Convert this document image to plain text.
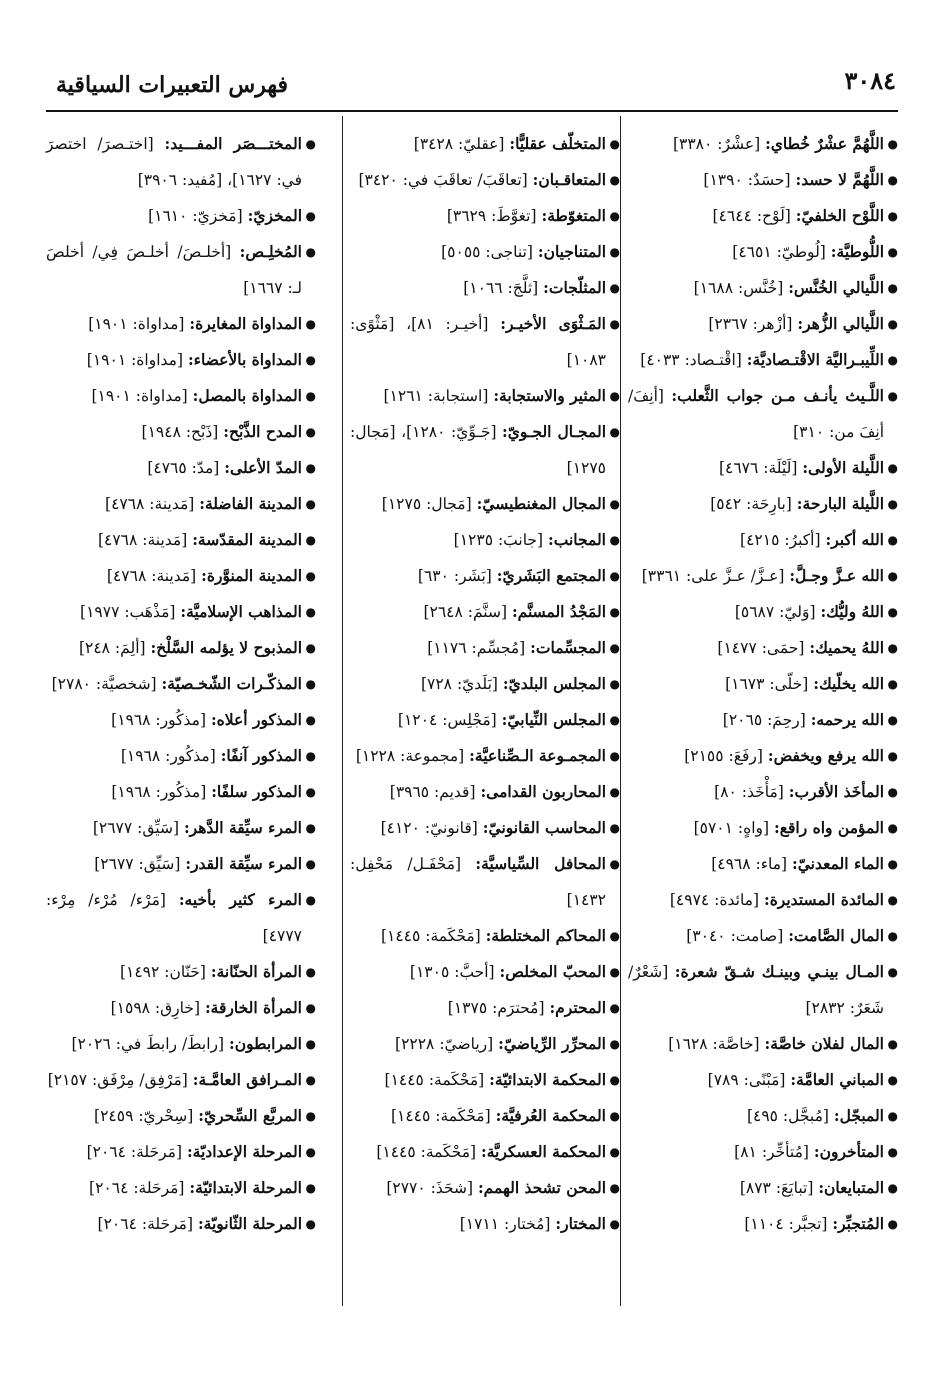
٣٠٨٤
فهرس التعبيرات السياقية
●
اللَّهُمَّ عشْرٌ خُطاي: [عشْرٌ: ٣٣٨٠]
●
اللَّهُمَّ لا حسد: [حسَدٌ: ١٣٩٠]
●
اللَّوْح الخلفيّ: [لَوْح: ٤٦٤٤]
●
اللُّوطيَّة: [لُوطيّ: ٤٦٥١]
●
اللَّيالي الخُنَّس: [خُنَّس: ١٦٨٨]
●
اللَّيالي الزُّهر: [أزْهر: ٢٣٦٧]
●
اللِّيبـراليَّة الاقْتـصاديَّة: [اقْتـصاد: ٤٠٣٣]
●
اللَّـيث يأنـف مـن جواب الثَّعلب: [أنِفَ/ أنِفَ من: ٣١٠]
●
اللَّيلة الأولى: [لَيْلَة: ٤٦٧٦]
●
اللَّيلة البارحة: [بارِحَة: ٥٤٢]
●
الله أكبر: [أكبرُ: ٤٢١٥]
●
الله عـزَّ وجـلَّ: [عـزَّ/ عـزَّ على: ٣٣٦١]
●
اللهُ وليُّك: [وَليّ: ٥٦٨٧]
●
اللهُ يحميك: [حمَى: ١٤٧٧]
●
الله يخلّيك: [خلّى: ١٦٧٣]
●
الله يرحمه: [رحِمَ: ٢٠٦٥]
●
الله يرفع ويخفض: [رفَعَ: ٢١٥٥]
●
المأخَذ الأقرب: [مَأْخَذ: ٨٠]
●
المؤمن واه راقع: [واهٍ: ٥٧٠١]
●
الماء المعدنيّ: [ماء: ٤٩٦٨]
●
المائدة المستديرة: [مائدة: ٤٩٧٤]
●
المال الصَّامت: [صامت: ٣٠٤٠]
●
المـال بينـي وبينـك شـقّ شعرة: [شَعْرٌ/ شَعَرٌ: ٢٨٣٢]
●
المال لفلان خاصَّة: [خاصَّة: ١٦٢٨]
●
المباني العامَّة: [مَبْنًى: ٧٨٩]
●
المبجّل: [مُبجَّل: ٤٩٥]
●
المتأخرون: [مُتأخِّر: ٨١]
●
المتبايعان: [تبايَعَ: ٨٧٣]
●
المُتجبِّر: [تجبَّر: ١١٠٤]
●
المتخلّف عقليًّا: [عقليّ: ٣٤٢٨]
●
المتعاقـبان: [تعاقَبَ/ تعاقَبَ في: ٣٤٢٠]
●
المتغوّطة: [تغوَّطَ: ٣٦٢٩]
●
المتناجيان: [تناجى: ٥٠٥٥]
●
المثلّجات: [ثلَّجَ: ١٠٦٦]
●
المَـثْوَى الأخيـر: [أخيـر: ٨١]، [مَثْوًى: ١٠٨٣]
●
المثير والاستجابة: [استجابة: ١٢٦١]
●
المجـال الجـويّ: [جَـوِّيّ: ١٢٨٠]، [مَجال: ١٢٧٥]
●
المجال المغنطيسيّ: [مَجال: ١٢٧٥]
●
المجانب: [جانبَ: ١٢٣٥]
●
المجتمع البَشَريّ: [بَشَر: ٦٣٠]
●
المَجْدُ المسنَّم: [سنَّمَ: ٢٦٤٨]
●
المجسِّمات: [مُجسِّم: ١١٧٦]
●
المجلس البلديّ: [بَلَديّ: ٧٢٨]
●
المجلس النِّيابيّ: [مَجْلِس: ١٢٠٤]
●
المجمـوعة الـصِّناعيَّة: [مجموعة: ١٢٢٨]
●
المحاربون القدامى: [قديم: ٣٩٦٥]
●
المحاسب القانونيّ: [قانونيّ: ٤١٢٠]
●
المحافل السِّياسيَّة: [مَحْفَـل/ مَحْفِل: ١٤٣٢]
●
المحاكم المختلطة: [مَحْكَمة: ١٤٤٥]
●
المحبّ المخلص: [أحبَّ: ١٣٠٥]
●
المحترم: [مُحترَم: ١٣٧٥]
●
المحرِّر الرِّياضيّ: [رياضيّ: ٢٢٢٨]
●
المحكمة الابتدائيّة: [مَحْكَمة: ١٤٤٥]
●
المحكمة العُرفيَّة: [مَحْكَمة: ١٤٤٥]
●
المحكمة العسكريَّة: [مَحْكَمة: ١٤٤٥]
●
المحن تشحذ الهمم: [شحَذَ: ٢٧٧٠]
●
المختار: [مُختار: ١٧١١]
●
المختـــصَر المفـــيد: [اختـصرَ/ اختصرَ في: ١٦٢٧]، [مُفيد: ٣٩٠٦]
●
المخزيّ: [مَخزيّ: ١٦١٠]
●
المُخلِـص: [أخلـصَ/ أخلـصَ فِي/ أخلصَ لـ: ١٦٦٧]
●
المداواة المغايرة: [مداواة: ١٩٠١]
●
المداواة بالأعضاء: [مداواة: ١٩٠١]
●
المداواة بالمصل: [مداواة: ١٩٠١]
●
المدح الذَّبْح: [ذَبْح: ١٩٤٨]
●
المدّ الأعلى: [مدّ: ٤٧٦٥]
●
المدينة الفاضلة: [مَدينة: ٤٧٦٨]
●
المدينة المقدّسة: [مَدينة: ٤٧٦٨]
●
المدينة المنوَّرة: [مَدينة: ٤٧٦٨]
●
المذاهب الإسلاميَّة: [مَذْهَب: ١٩٧٧]
●
المذبوح لا يؤلمه السَّلْخ: [ألِمَ: ٢٤٨]
●
المذكّـرات الشّخـصيّة: [شخصيَّة: ٢٧٨٠]
●
المذكور أعلاه: [مذكُور: ١٩٦٨]
●
المذكور آنفًا: [مذكُور: ١٩٦٨]
●
المذكور سلفًا: [مذكُور: ١٩٦٨]
●
المرء سيِّقة الدَّهر: [سَيِّق: ٢٦٧٧]
●
المرء سيِّقة القدر: [سَيِّق: ٢٦٧٧]
●
المرء كثير بأخيه: [مَرْء/ مُرْء/ مِرْء: ٤٧٧٧]
●
المرأة الحنّانة: [حَنّان: ١٤٩٢]
●
المرأة الخارقة: [خارِق: ١٥٩٨]
●
المرابطون: [رابطَ/ رابطَ في: ٢٠٢٦]
●
المـرافق العامَّـة: [مَرْفِق/ مِرْفَق: ٢١٥٧]
●
المربَّع السِّحريّ: [سِحْريّ: ٢٤٥٩]
●
المرحلة الإعداديّة: [مَرحَلة: ٢٠٦٤]
●
المرحلة الابتدائيّة: [مَرحَلة: ٢٠٦٤]
●
المرحلة الثّانويّة: [مَرحَلة: ٢٠٦٤]
